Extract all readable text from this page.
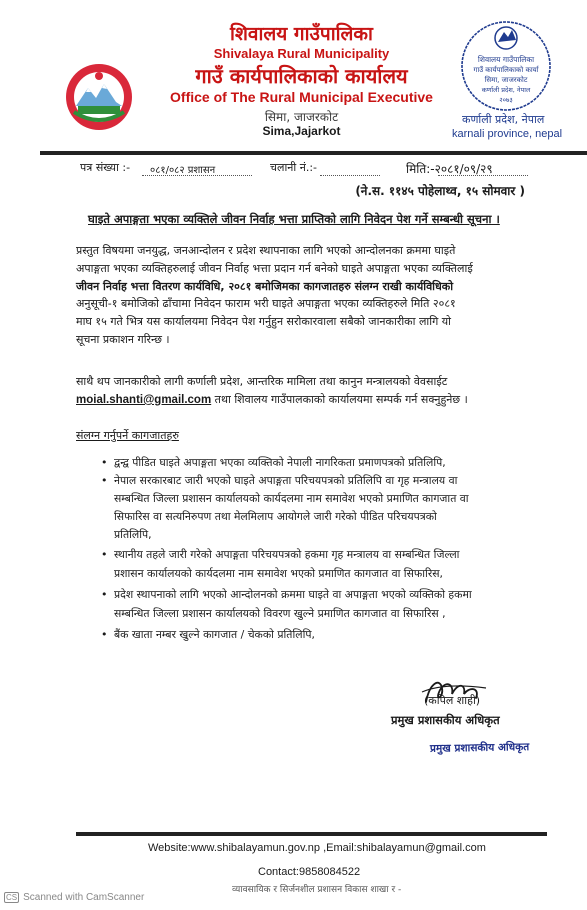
शिवालय गाउँपालिका
Shivalaya Rural Municipality
गाउँ कार्यपालिकाको कार्यालय
Office of The Rural Municipal Executive
सिमा, जाजरकोट
Sima,Jajarkot
शिवालय गाउँपालिका
गाउँ कार्यपालिकाको कार्या
सिमा, जाजरकोट
कर्णाली प्रदेश, नेपाल
२०७३
कर्णाली प्रदेश, नेपाल
karnali province, nepal
पत्र संख्या :- ०८१/०८२ प्रशासन	चलानी नं.:-	मिति:-२०८१/०९/२९
(ने.स. ११४५ पोहेलाथ्व, १५ सोमवार )
घाइते अपाङ्गता भएका व्यक्तिले जीवन निर्वाह भत्ता प्राप्तिको लागि निवेदन पेश गर्ने सम्बन्धी सूचना ।

प्रस्तुत विषयमा जनयुद्ध, जनआन्दोलन र प्रदेश स्थापनाका लागि भएको आन्दोलनका क्रममा घाइते

अपाङ्गता भएका व्यक्तिहरुलाई जीवन निर्वाह भत्ता प्रदान गर्न बनेको घाइते अपाङ्गता भएका व्यक्तिलाई

जीवन निर्वाह भत्ता वितरण कार्यविधि, २०८१ बमोजिमका कागजातहरु संलग्न राखी कार्यविधिको

अनुसूची-१ बमोजिको ढाँचामा निवेदन फाराम भरी घाइते अपाङ्गता भएका व्यक्तिहरुले मिति २०८१

माघ १५ गते भित्र यस कार्यालयमा निवेदन पेश गर्नुहुन सरोकारवाला सबैको जानकारीका लागि यो

सूचना प्रकाशन गरिन्छ ।

साथै थप जानकारीको लागी कर्णाली प्रदेश, आन्तरिक मामिला तथा कानुन मन्त्रालयको वेवसाईट

moial.shanti@gmail.com तथा शिवालय गाउँपालकाको कार्यालयमा सम्पर्क गर्न सक्नुहुनेछ ।

संलग्न गर्नुपर्ने कागजातहरु
• द्वन्द्व पीडित घाइते अपाङ्गता भएका व्यक्तिको नेपाली नागरिकता प्रमाणपत्रको प्रतिलिपि,
• नेपाल सरकारबाट जारी भएको घाइते अपाङ्गता परिचयपत्रको प्रतिलिपि वा गृह मन्त्रालय वा
सम्बन्धित जिल्ला प्रशासन कार्यालयको कार्यदलमा नाम समावेश भएको प्रमाणित कागजात वा
सिफारिस वा सत्यनिरुपण तथा मेलमिलाप आयोगले जारी गरेको पीडित परिचयपत्रको
प्रतिलिपि,
• स्थानीय तहले जारी गरेको अपाङ्गता परिचयपत्रको हकमा गृह मन्त्रालय वा सम्बन्धित जिल्ला
प्रशासन कार्यालयको कार्यदलमा नाम समावेश भएको प्रमाणित कागजात वा सिफारिस,
• प्रदेश स्थापनाको लागि भएको आन्दोलनको क्रममा घाइते वा अपाङ्गता भएको व्यक्तिको हकमा
सम्बन्धित जिल्ला प्रशासन कार्यालयको विवरण खुल्ने प्रमाणित कागजात वा सिफारिस ,
• बैंक खाता नम्बर खुल्ने कागजात / चेकको प्रतिलिपि,
(कपिल शाही)
प्रमुख प्रशासकीय अधिकृत
प्रमुख प्रशासकीय अधिकृत
Website:www.shibalayamun.gov.np ,Email:shibalayamun@gmail.com
Contact:9858084522
व्यावसायिक र सिर्जनशील प्रशासन विकास शाखा र -
CS Scanned with CamScanner
